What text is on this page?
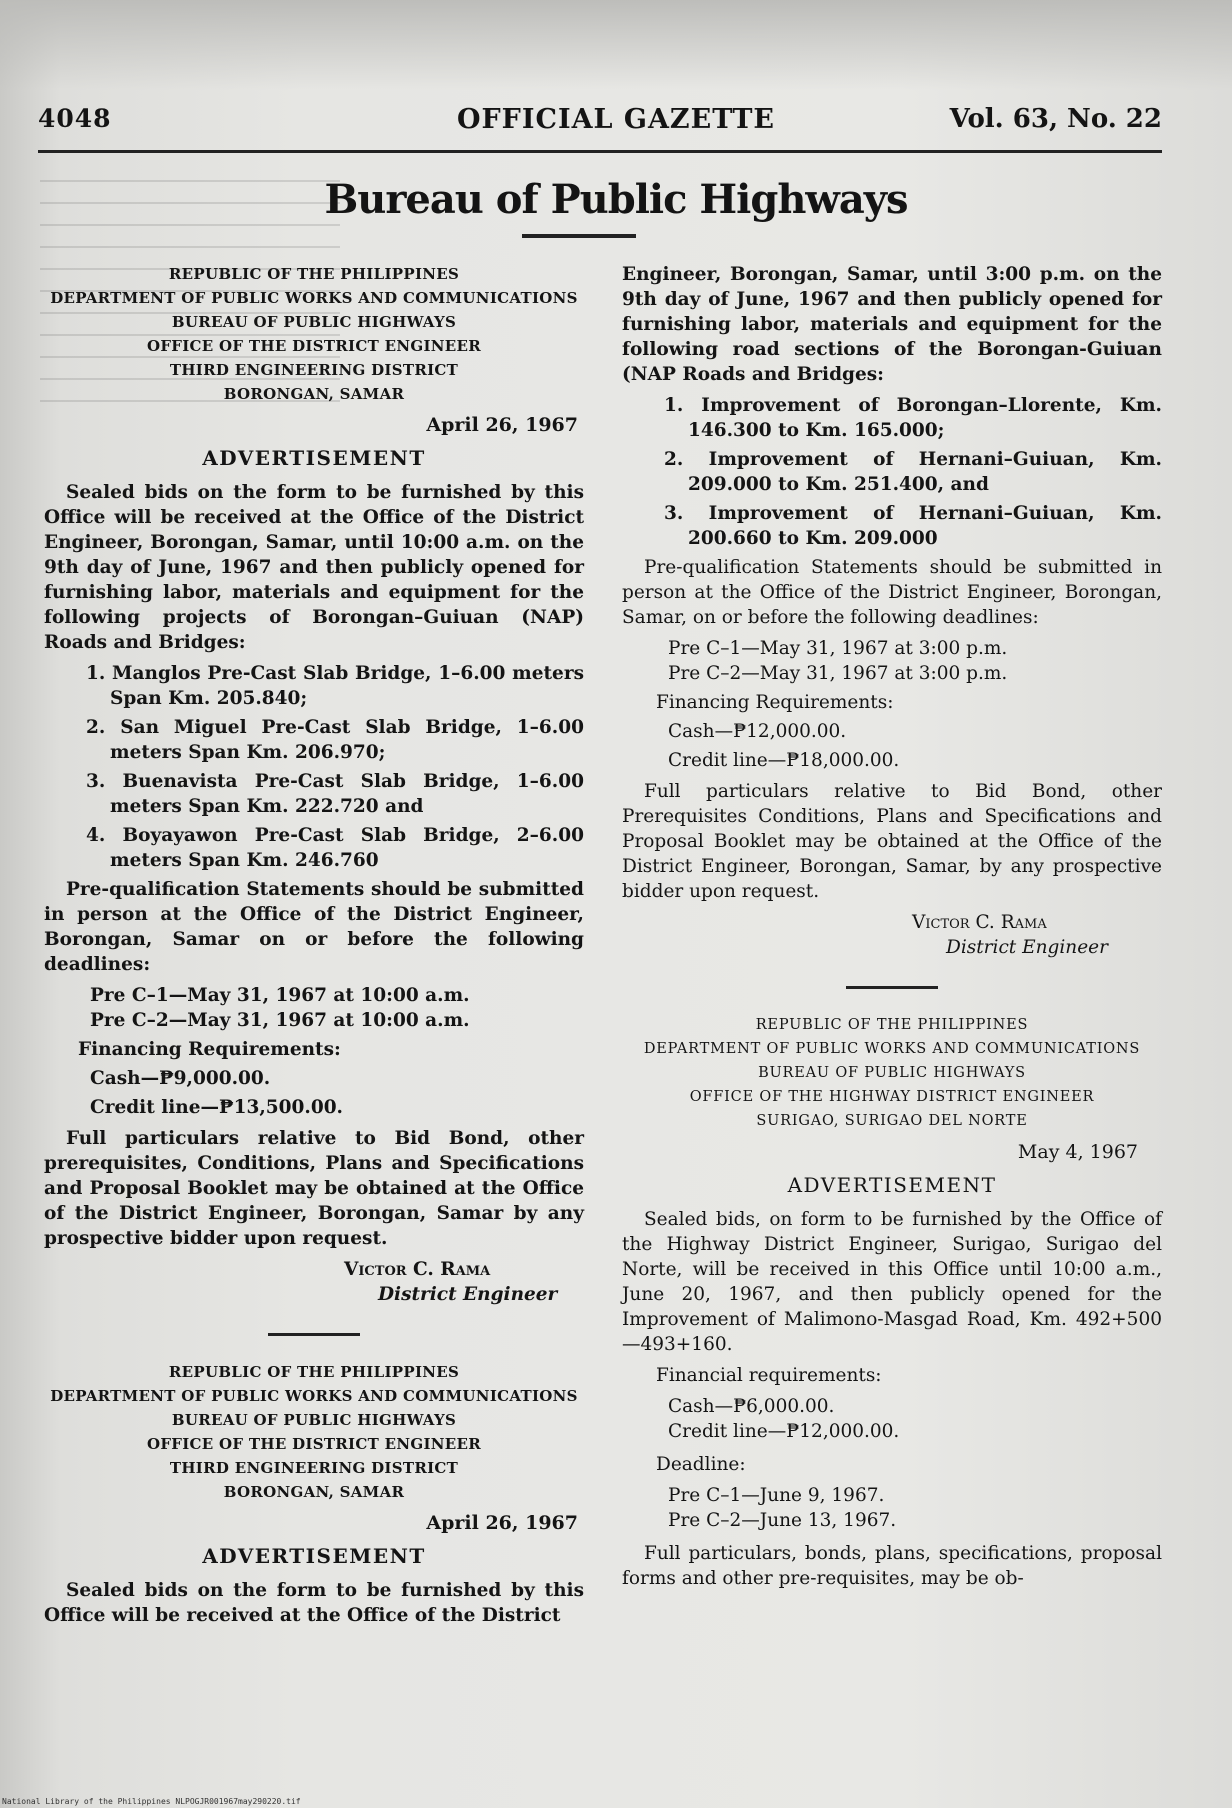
4048	OFFICIAL GAZETTE	Vol. 63, No. 22
Bureau of Public Highways
REPUBLIC OF THE PHILIPPINES
DEPARTMENT OF PUBLIC WORKS AND COMMUNICATIONS
BUREAU OF PUBLIC HIGHWAYS
OFFICE OF THE DISTRICT ENGINEER
THIRD ENGINEERING DISTRICT
BORONGAN, SAMAR
April 26, 1967
ADVERTISEMENT

Sealed bids on the form to be furnished by this Office will be received at the Office of the District Engineer, Borongan, Samar, until 10:00 a.m. on the 9th day of June, 1967 and then publicly opened for furnishing labor, materials and equipment for the following projects of Borongan–Guiuan (NAP) Roads and Bridges:

1. Manglos Pre-Cast Slab Bridge, 1–6.00 meters Span Km. 205.840;
2. San Miguel Pre-Cast Slab Bridge, 1–6.00 meters Span Km. 206.970;
3. Buenavista Pre-Cast Slab Bridge, 1–6.00 meters Span Km. 222.720 and
4. Boyayawon Pre-Cast Slab Bridge, 2–6.00 meters Span Km. 246.760

Pre-qualification Statements should be submitted in person at the Office of the District Engineer, Borongan, Samar on or before the following deadlines:

Pre C–1—May 31, 1967 at 10:00 a.m.
Pre C–2—May 31, 1967 at 10:00 a.m.
Financing Requirements:
Cash—₱9,000.00.
Credit line—₱13,500.00.

Full particulars relative to Bid Bond, other prerequisites, Conditions, Plans and Specifications and Proposal Booklet may be obtained at the Office of the District Engineer, Borongan, Samar by any prospective bidder upon request.

Victor C. Rama
District Engineer
REPUBLIC OF THE PHILIPPINES
DEPARTMENT OF PUBLIC WORKS AND COMMUNICATIONS
BUREAU OF PUBLIC HIGHWAYS
OFFICE OF THE DISTRICT ENGINEER
THIRD ENGINEERING DISTRICT
BORONGAN, SAMAR
April 26, 1967
ADVERTISEMENT

Sealed bids on the form to be furnished by this Office will be received at the Office of the District

Engineer, Borongan, Samar, until 3:00 p.m. on the 9th day of June, 1967 and then publicly opened for furnishing labor, materials and equipment for the following road sections of the Borongan-Guiuan (NAP Roads and Bridges:

1. Improvement of Borongan–Llorente, Km. 146.300 to Km. 165.000;
2. Improvement of Hernani–Guiuan, Km. 209.000 to Km. 251.400, and
3. Improvement of Hernani–Guiuan, Km. 200.660 to Km. 209.000

Pre-qualification Statements should be submitted in person at the Office of the District Engineer, Borongan, Samar, on or before the following deadlines:

Pre C–1—May 31, 1967 at 3:00 p.m.
Pre C–2—May 31, 1967 at 3:00 p.m.
Financing Requirements:
Cash—₱12,000.00.
Credit line—₱18,000.00.

Full particulars relative to Bid Bond, other Prerequisites Conditions, Plans and Specifications and Proposal Booklet may be obtained at the Office of the District Engineer, Borongan, Samar, by any prospective bidder upon request.

Victor C. Rama
District Engineer
REPUBLIC OF THE PHILIPPINES
DEPARTMENT OF PUBLIC WORKS AND COMMUNICATIONS
BUREAU OF PUBLIC HIGHWAYS
OFFICE OF THE HIGHWAY DISTRICT ENGINEER
SURIGAO, SURIGAO DEL NORTE
May 4, 1967
ADVERTISEMENT

Sealed bids, on form to be furnished by the Office of the Highway District Engineer, Surigao, Surigao del Norte, will be received in this Office until 10:00 a.m., June 20, 1967, and then publicly opened for the Improvement of Malimono-Masgad Road, Km. 492+500—493+160.

Financial requirements:
Cash—₱6,000.00.
Credit line—₱12,000.00.
Deadline:
Pre C–1—June 9, 1967.
Pre C–2—June 13, 1967.

Full particulars, bonds, plans, specifications, proposal forms and other pre-requisites, may be ob-

National Library of the Philippines NLPOGJR001967may290220.tif
